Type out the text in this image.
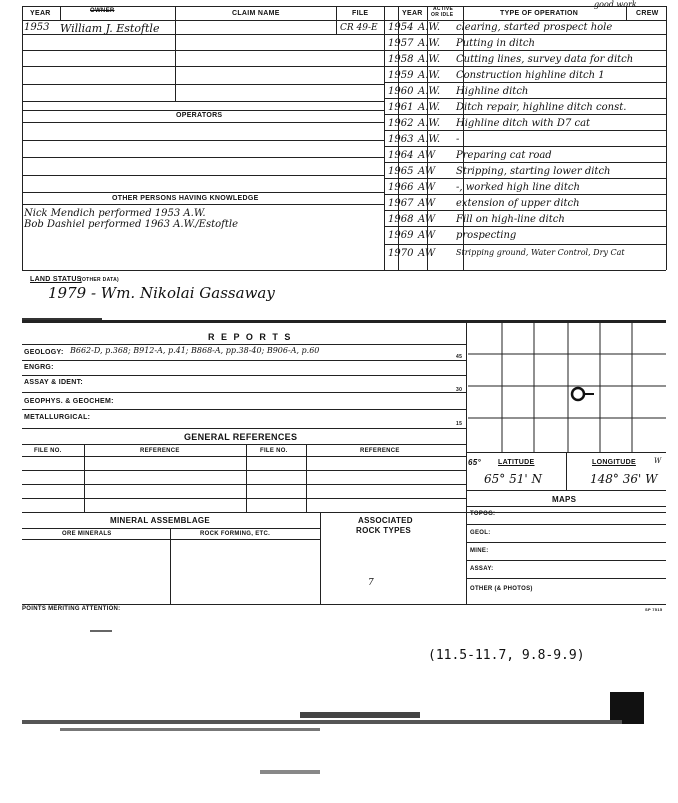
YEAR	OWNER	CLAIM NAME	FILE	YEAR
ACTIVE
OR IDLE	TYPE OF OPERATION	CREW
good work
1953 William J. Estoftle	CR 49-E
OPERATORS
OTHER PERSONS HAVING KNOWLEDGE
Nick Mendich performed 1953 A.W.
Bob Dashiel performed 1963 A.W./Estoftle
1954 A.W.	clearing, started prospect hole
1957 A.W.	Putting in ditch
1958 A.W.	Cutting lines, survey data for ditch
1959 A.W.	Construction highline ditch 1
1960 A.W.	Highline ditch
1961 A.W.	Ditch repair, highline ditch const.
1962 A.W.	Highline ditch with D7 cat
1963 A.W.	-
1964 AW	Preparing cat road
1965 AW	Stripping, starting lower ditch
1966 AW	-, worked high line ditch
1967 AW	extension of upper ditch
1968 AW	Fill on high-line ditch
1969 AW	prospecting
1970 AW	Stripping ground, Water Control, Dry Cat
LAND STATUS
(OTHER DATA)
1979 - Wm. Nikolai Gassaway
R E P O R T S
GEOLOGY: B662-D, p.368; B912-A, p.41; B868-A, pp.38-40; B906-A, p.60
45
ENGRG:
ASSAY & IDENT:
30
GEOPHYS. & GEOCHEM:
METALLURGICAL:
15
GENERAL REFERENCES
FILE NO.	REFERENCE	FILE NO.	REFERENCE
65° LATITUDE	LONGITUDE	W
65° 51' N	148° 36' W
MAPS
TOPOG:
GEOL:
MINE:
ASSAY:
OTHER (& PHOTOS)
MINERAL ASSEMBLAGE
ORE MINERALS	ROCK FORMING, ETC.
ASSOCIATED
ROCK TYPES
7
POINTS MERITING ATTENTION:	SP 7515
(11.5-11.7, 9.8-9.9)
